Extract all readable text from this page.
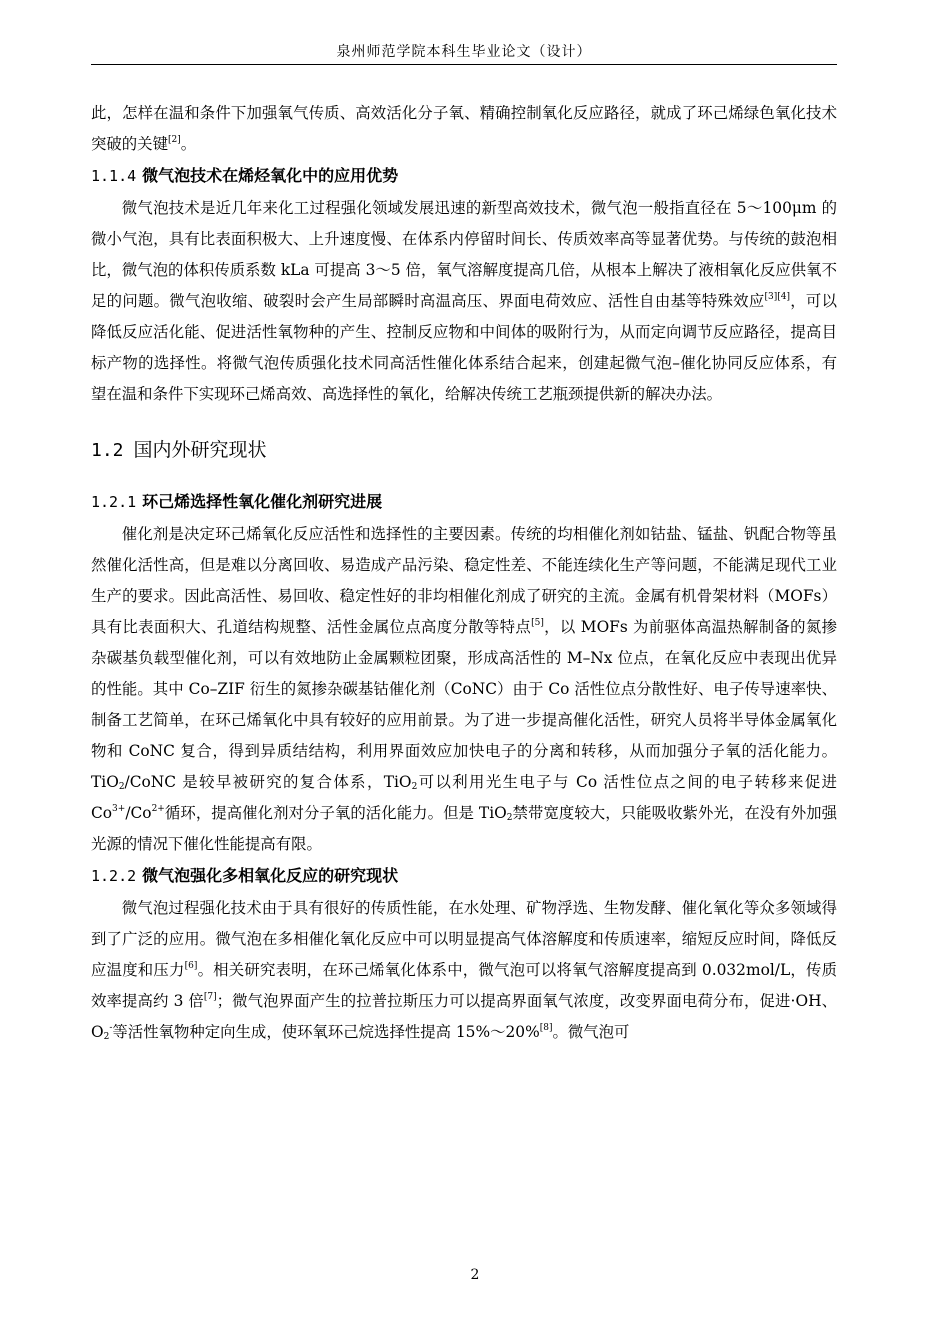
泉州师范学院本科生毕业论文（设计）

此，怎样在温和条件下加强氧气传质、高效活化分子氧、精确控制氧化反应路径，就成了环己烯绿色氧化技术突破的关键[2]。

1.1.4 微气泡技术在烯烃氧化中的应用优势

微气泡技术是近几年来化工过程强化领域发展迅速的新型高效技术，微气泡一般指直径在 5～100μm 的微小气泡，具有比表面积极大、上升速度慢、在体系内停留时间长、传质效率高等显著优势。与传统的鼓泡相比，微气泡的体积传质系数 kLa 可提高 3～5 倍，氧气溶解度提高几倍，从根本上解决了液相氧化反应供氧不足的问题。微气泡收缩、破裂时会产生局部瞬时高温高压、界面电荷效应、活性自由基等特殊效应[3][4]，可以降低反应活化能、促进活性氧物种的产生、控制反应物和中间体的吸附行为，从而定向调节反应路径，提高目标产物的选择性。将微气泡传质强化技术同高活性催化体系结合起来，创建起微气泡–催化协同反应体系，有望在温和条件下实现环己烯高效、高选择性的氧化，给解决传统工艺瓶颈提供新的解决办法。

1.2 国内外研究现状
1.2.1 环己烯选择性氧化催化剂研究进展

催化剂是决定环己烯氧化反应活性和选择性的主要因素。传统的均相催化剂如钴盐、锰盐、钒配合物等虽然催化活性高，但是难以分离回收、易造成产品污染、稳定性差、不能连续化生产等问题，不能满足现代工业生产的要求。因此高活性、易回收、稳定性好的非均相催化剂成了研究的主流。金属有机骨架材料（MOFs）具有比表面积大、孔道结构规整、活性金属位点高度分散等特点[5]，以 MOFs 为前驱体高温热解制备的氮掺杂碳基负载型催化剂，可以有效地防止金属颗粒团聚，形成高活性的 M–Nx 位点，在氧化反应中表现出优异的性能。其中 Co–ZIF 衍生的氮掺杂碳基钴催化剂（CoNC）由于 Co 活性位点分散性好、电子传导速率快、制备工艺简单，在环己烯氧化中具有较好的应用前景。为了进一步提高催化活性，研究人员将半导体金属氧化物和 CoNC 复合，得到异质结结构，利用界面效应加快电子的分离和转移，从而加强分子氧的活化能力。TiO$_2$/CoNC 是较早被研究的复合体系，TiO$_2$可以利用光生电子与 Co 活性位点之间的电子转移来促进 $Co^{3+}/Co^{2+}$循环，提高催化剂对分子氧的活化能力。但是 TiO$_2$禁带宽度较大，只能吸收紫外光，在没有外加强光源的情况下催化性能提高有限。

1.2.2 微气泡强化多相氧化反应的研究现状

微气泡过程强化技术由于具有很好的传质性能，在水处理、矿物浮选、生物发酵、催化氧化等众多领域得到了广泛的应用。微气泡在多相催化氧化反应中可以明显提高气体溶解度和传质速率，缩短反应时间，降低反应温度和压力[6]。相关研究表明，在环己烯氧化体系中，微气泡可以将氧气溶解度提高到 0.032mol/L，传质效率提高约 3 倍[7]；微气泡界面产生的拉普拉斯压力可以提高界面氧气浓度，改变界面电荷分布，促进·OH、$O_2^-$等活性氧物种定向生成，使环氧环己烷选择性提高 15%～20%[8]。微气泡可

2
